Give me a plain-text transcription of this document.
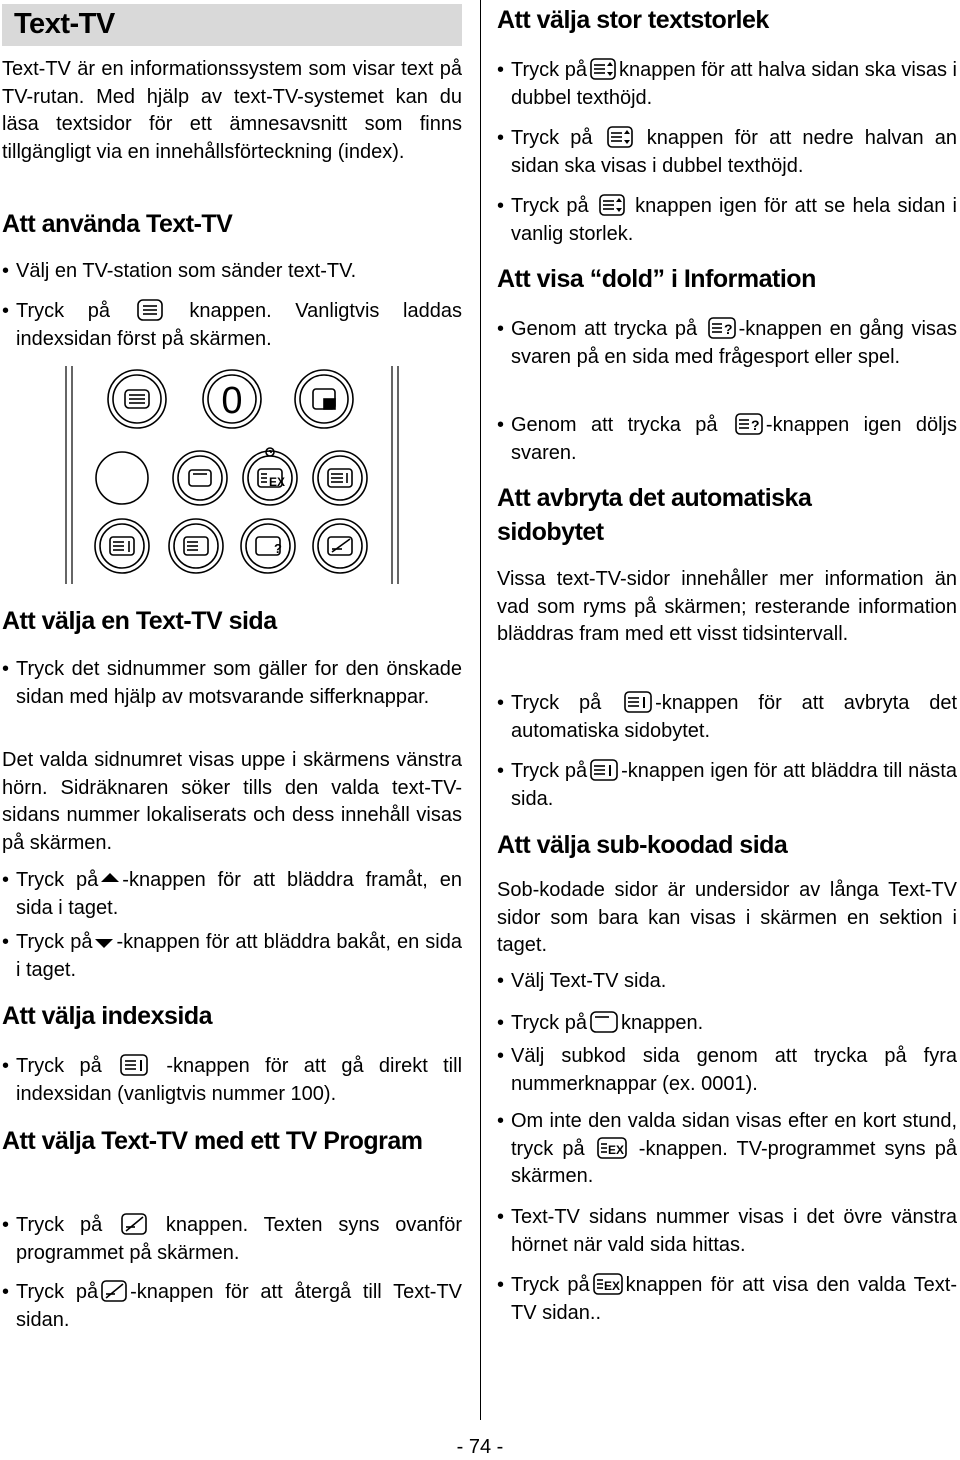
Text-TV
Text-TV är en informationssystem som visar text på TV-rutan. Med hjälp av text-TV-systemet kan du läsa textsidor för ett ämnesavsnitt som finns tillgängligt via en innehållsförteckning (index).
Att använda Text-TV
• Välj en TV-station som sänder text-TV.
• Tryck på	knappen. Vanligtvis laddas indexsidan först på skärmen.
?
EX
0
Att välja en Text-TV sida
• Tryck det sidnummer som gäller for den önskade sidan med hjälp av motsvarande sifferknappar.
Det valda sidnumret visas uppe i skärmens vänstra hörn. Sidräknaren söker tills den valda text-TV-sidans nummer lokaliserats och dess innehåll visas på skärmen.
• Tryck på -knappen för att bläddra framåt, en sida i taget.
• Tryck på -knappen för att bläddra bakåt, en sida i taget.
Att välja indexsida
• Tryck på	-knappen för att gå direkt till indexsidan (vanligtvis nummer 100).
Att välja Text-TV med ett TV Program
• Tryck på	knappen. Texten syns ovanför programmet på skärmen.
• Tryck på -knappen för att återgå till Text-TV sidan.
Att välja stor textstorlek
• Tryck på knappen för att halva sidan ska visas i dubbel texthöjd.
• Tryck på	knappen för att nedre halvan an sidan ska visas i dubbel texthöjd.
• Tryck på knappen igen för att se hela sidan i vanlig storlek.
Att visa “dold” i Information
• Genom att trycka på ? -knappen en gång visas svaren på en sida med frågesport eller spel.
• Genom att trycka på ? -knappen igen döljs svaren.
Att avbryta det automatiska sidobytet
Vissa text-TV-sidor innehåller mer information än vad som ryms på skärmen; resterande information bläddras fram med ett visst tidsintervall.
• Tryck på	-knappen för att avbryta det automatiska sidobytet.
• Tryck på -knappen igen för att bläddra till nästa sida.
Att välja sub-koodad sida
Sob-kodade sidor är undersidor av långa Text-TV sidor som bara kan visas i skärmen en sektion i taget.
• Välj Text-TV sida.
• Tryck på knappen.
• Välj subkod sida genom att trycka på fyra nummerknappar (ex. 0001).
• Om inte den valda sidan visas efter en kort stund, tryck på EX -knappen. TV-programmet syns på skärmen.
• Text-TV sidans nummer visas i det övre vänstra hörnet när vald sida hittas.
• Tryck på EX knappen för att visa den valda Text-TV sidan..
- 74 -
